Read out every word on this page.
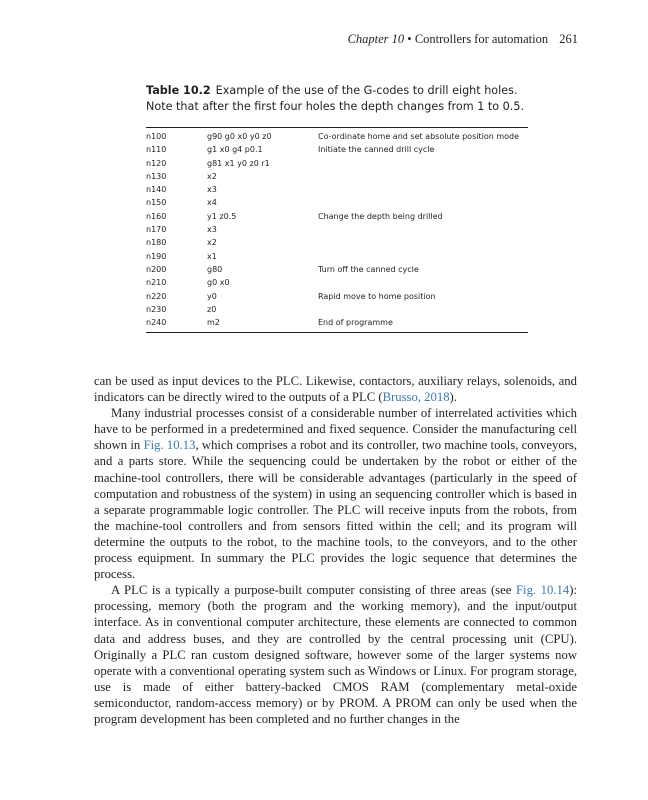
Chapter 10 • Controllers for automation 261
Table 10.2 Example of the use of the G-codes to drill eight holes. Note that after the first four holes the depth changes from 1 to 0.5.
n100	g90 g0 x0 y0 z0	Co-ordinate home and set absolute position mode
n110	g1 x0 g4 p0.1	Initiate the canned drill cycle
n120	g81 x1 y0 z0 r1
n130	x2
n140	x3
n150	x4
n160	y1 z0.5	Change the depth being drilled
n170	x3
n180	x2
n190	x1
n200	g80	Turn off the canned cycle
n210	g0 x0
n220	y0	Rapid move to home position
n230	z0
n240	m2	End of programme

can be used as input devices to the PLC. Likewise, contactors, auxiliary relays, solenoids, and indicators can be directly wired to the outputs of a PLC (Brusso, 2018).

Many industrial processes consist of a considerable number of interrelated activities which have to be performed in a predetermined and fixed sequence. Consider the manufacturing cell shown in Fig. 10.13, which comprises a robot and its controller, two machine tools, conveyors, and a parts store. While the sequencing could be undertaken by the robot or either of the machine-tool controllers, there will be considerable advantages (particularly in the speed of computation and robustness of the system) in using an sequencing controller which is based in a separate programmable logic controller. The PLC will receive inputs from the robots, from the machine-tool controllers and from sensors fitted within the cell; and its program will determine the outputs to the robot, to the machine tools, to the conveyors, and to the other process equipment. In summary the PLC provides the logic sequence that determines the process.

A PLC is a typically a purpose-built computer consisting of three areas (see Fig. 10.14): processing, memory (both the program and the working memory), and the input/output interface. As in conventional computer architecture, these elements are connected to common data and address buses, and they are controlled by the central processing unit (CPU). Originally a PLC ran custom designed software, however some of the larger systems now operate with a conventional operating system such as Windows or Linux. For program storage, use is made of either battery-backed CMOS RAM (complementary metal-oxide semiconductor, random-access memory) or by PROM. A PROM can only be used when the program development has been completed and no further changes in the
